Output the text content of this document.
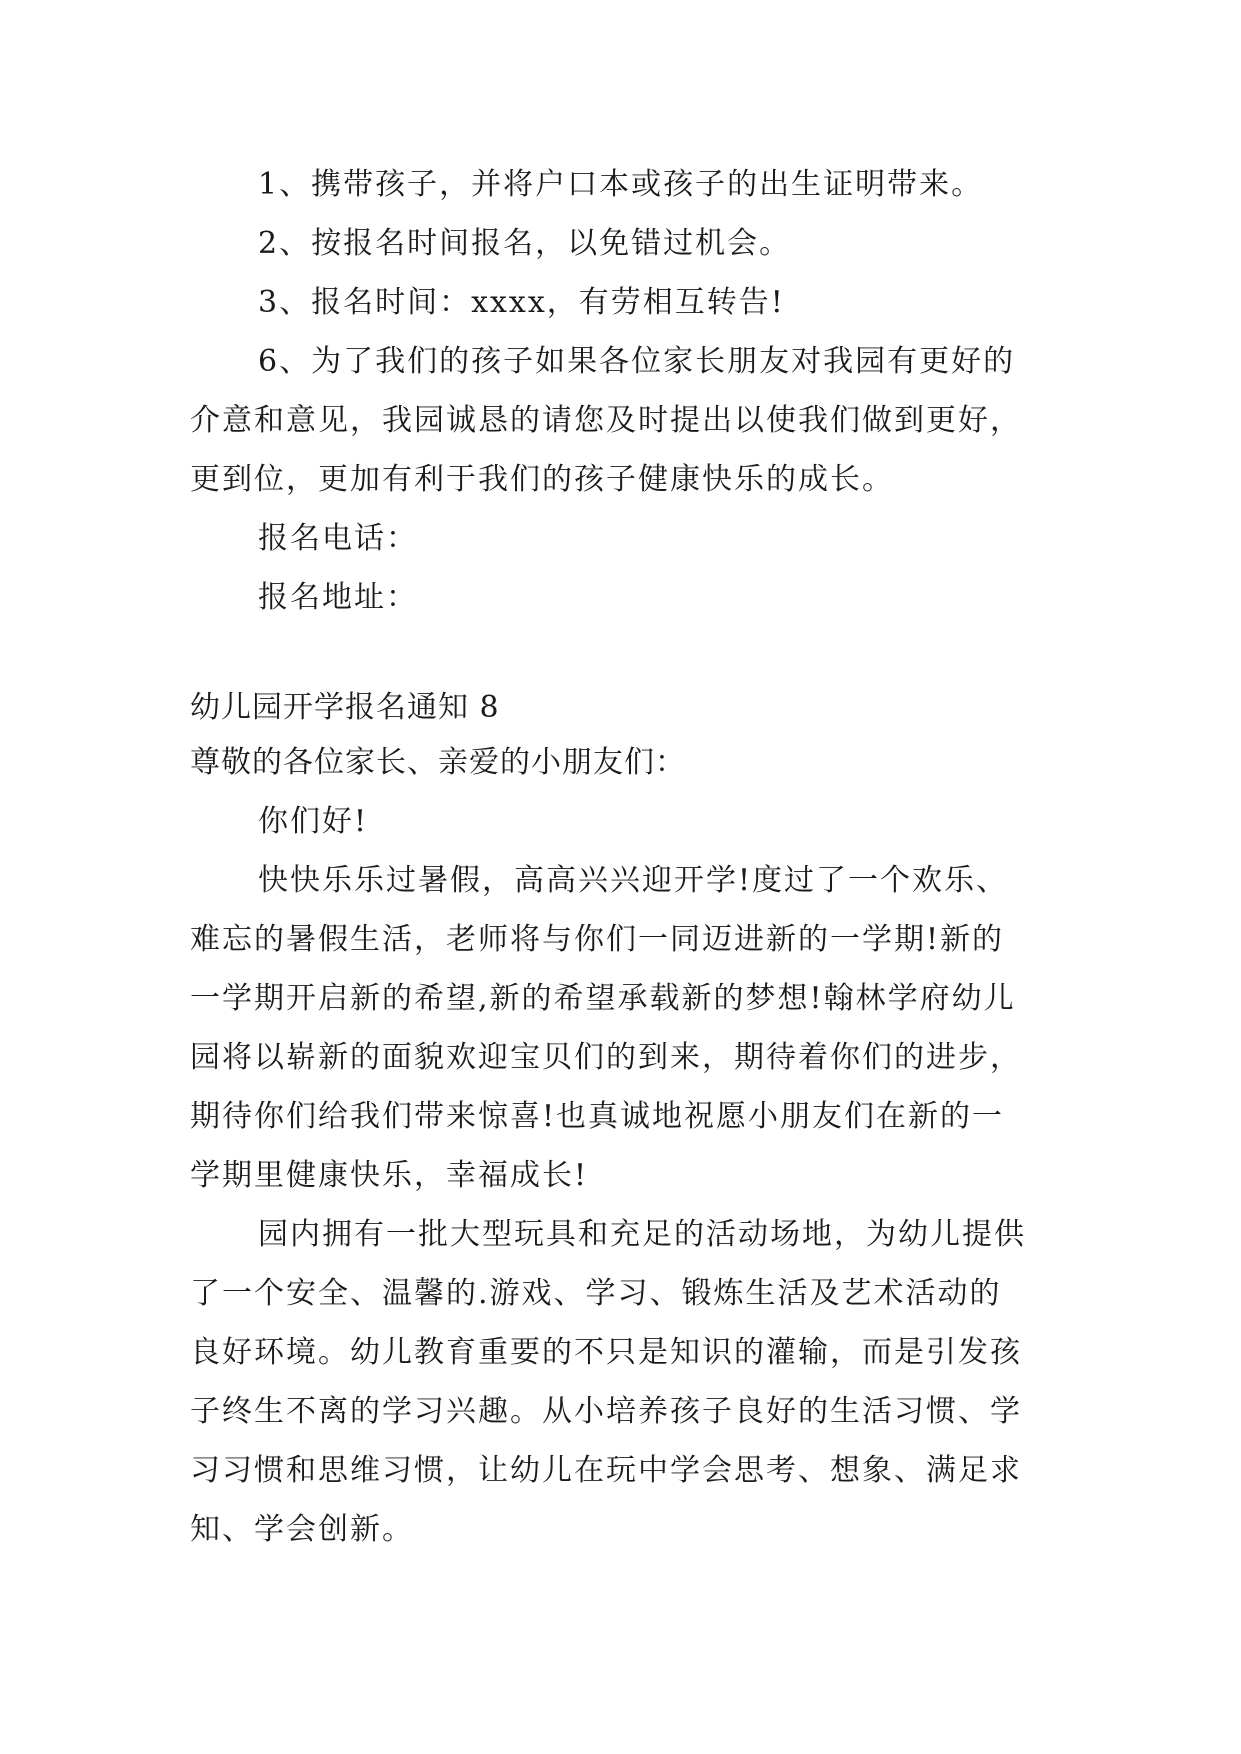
1、携带孩子，并将户口本或孩子的出生证明带来。
2、按报名时间报名，以免错过机会。
3、报名时间：xxxx，有劳相互转告!
6、为了我们的孩子如果各位家长朋友对我园有更好的
介意和意见，我园诚恳的请您及时提出以使我们做到更好，
更到位，更加有利于我们的孩子健康快乐的成长。
报名电话：
报名地址：
幼儿园开学报名通知 8
尊敬的各位家长、亲爱的小朋友们：
你们好!
快快乐乐过暑假，高高兴兴迎开学!度过了一个欢乐、
难忘的暑假生活，老师将与你们一同迈进新的一学期!新的
一学期开启新的希望,新的希望承载新的梦想!翰林学府幼儿
园将以崭新的面貌欢迎宝贝们的到来，期待着你们的进步，
期待你们给我们带来惊喜!也真诚地祝愿小朋友们在新的一
学期里健康快乐，幸福成长!
园内拥有一批大型玩具和充足的活动场地，为幼儿提供
了一个安全、温馨的.游戏、学习、锻炼生活及艺术活动的
良好环境。幼儿教育重要的不只是知识的灌输，而是引发孩
子终生不离的学习兴趣。从小培养孩子良好的生活习惯、学
习习惯和思维习惯，让幼儿在玩中学会思考、想象、满足求
知、学会创新。
